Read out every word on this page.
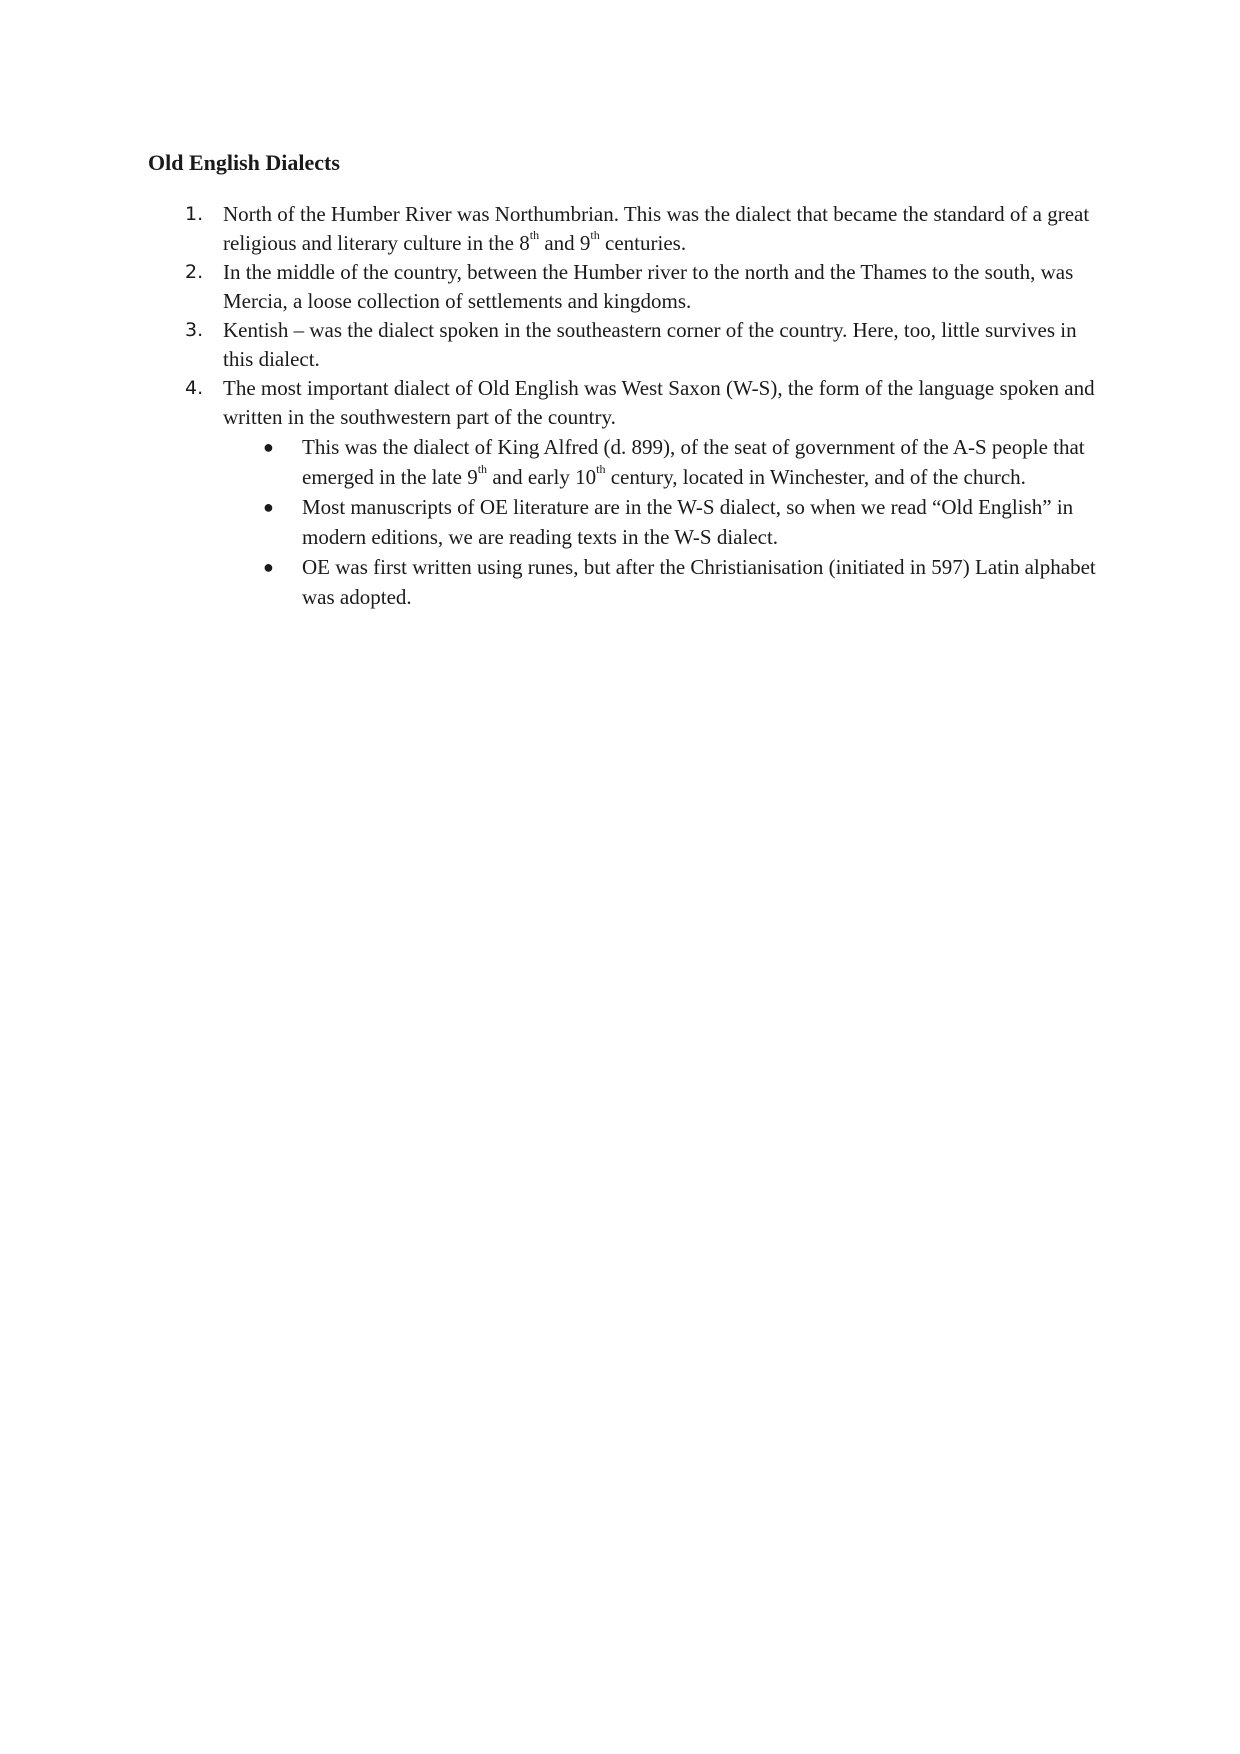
Old English Dialects
1. North of the Humber River was Northumbrian. This was the dialect that became the standard of a great religious and literary culture in the 8th and 9th centuries.
2. In the middle of the country, between the Humber river to the north and the Thames to the south, was Mercia, a loose collection of settlements and kingdoms.
3. Kentish – was the dialect spoken in the southeastern corner of the country. Here, too, little survives in this dialect.
4. The most important dialect of Old English was West Saxon (W-S), the form of the language spoken and written in the southwestern part of the country.
● This was the dialect of King Alfred (d. 899), of the seat of government of the A-S people that emerged in the late 9th and early 10th century, located in Winchester, and of the church.
● Most manuscripts of OE literature are in the W-S dialect, so when we read “Old English” in modern editions, we are reading texts in the W-S dialect.
● OE was first written using runes, but after the Christianisation (initiated in 597) Latin alphabet was adopted.
